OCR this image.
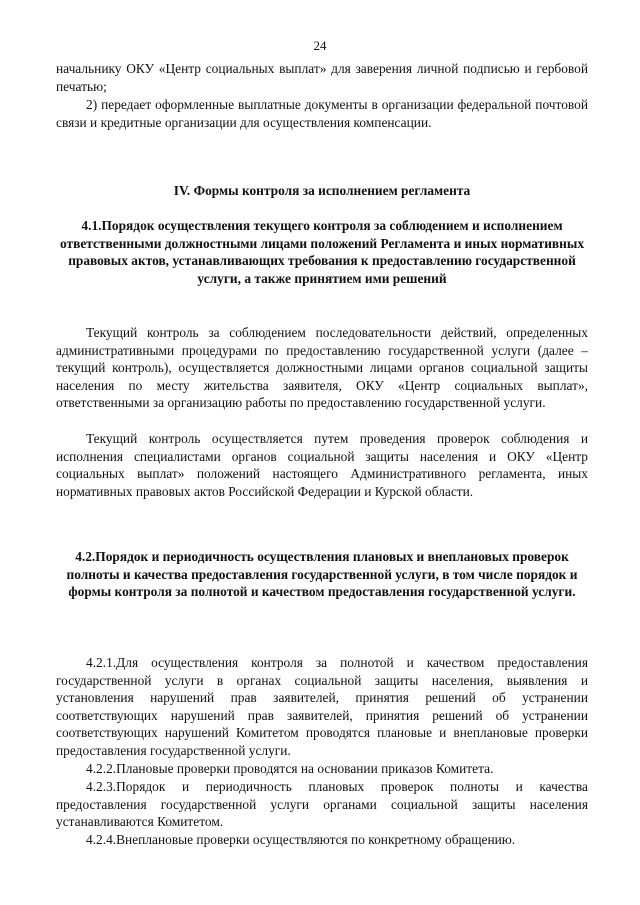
24
начальнику ОКУ «Центр социальных выплат» для заверения личной подписью и гербовой печатью;
2) передает оформленные выплатные документы в организации федеральной почтовой связи и кредитные организации для осуществления компенсации.
IV. Формы контроля за исполнением регламента
4.1.Порядок осуществления текущего контроля за соблюдением и исполнением ответственными должностными лицами положений Регламента и иных нормативных правовых актов, устанавливающих требования к предоставлению государственной услуги, а также принятием ими решений
Текущий контроль за соблюдением последовательности действий, определенных административными процедурами по предоставлению государственной услуги (далее – текущий контроль), осуществляется должностными лицами органов социальной защиты населения по месту жительства заявителя, ОКУ «Центр социальных выплат», ответственными за организацию работы по предоставлению государственной услуги.
Текущий контроль осуществляется путем проведения проверок соблюдения и исполнения специалистами органов социальной защиты населения и ОКУ «Центр социальных выплат» положений настоящего Административного регламента, иных нормативных правовых актов Российской Федерации и Курской области.
4.2.Порядок и периодичность осуществления плановых и внеплановых проверок полноты и качества предоставления государственной услуги, в том числе порядок и формы контроля за полнотой и качеством предоставления государственной услуги.
4.2.1.Для осуществления контроля за полнотой и качеством предоставления государственной услуги в органах социальной защиты населения, выявления и установления нарушений прав заявителей, принятия решений об устранении соответствующих нарушений прав заявителей, принятия решений об устранении соответствующих нарушений Комитетом проводятся плановые и внеплановые проверки предоставления государственной услуги.
4.2.2.Плановые проверки проводятся на основании приказов Комитета.
4.2.3.Порядок и периодичность плановых проверок полноты и качества предоставления государственной услуги органами социальной защиты населения устанавливаются Комитетом.
4.2.4.Внеплановые проверки осуществляются по конкретному обращению.
